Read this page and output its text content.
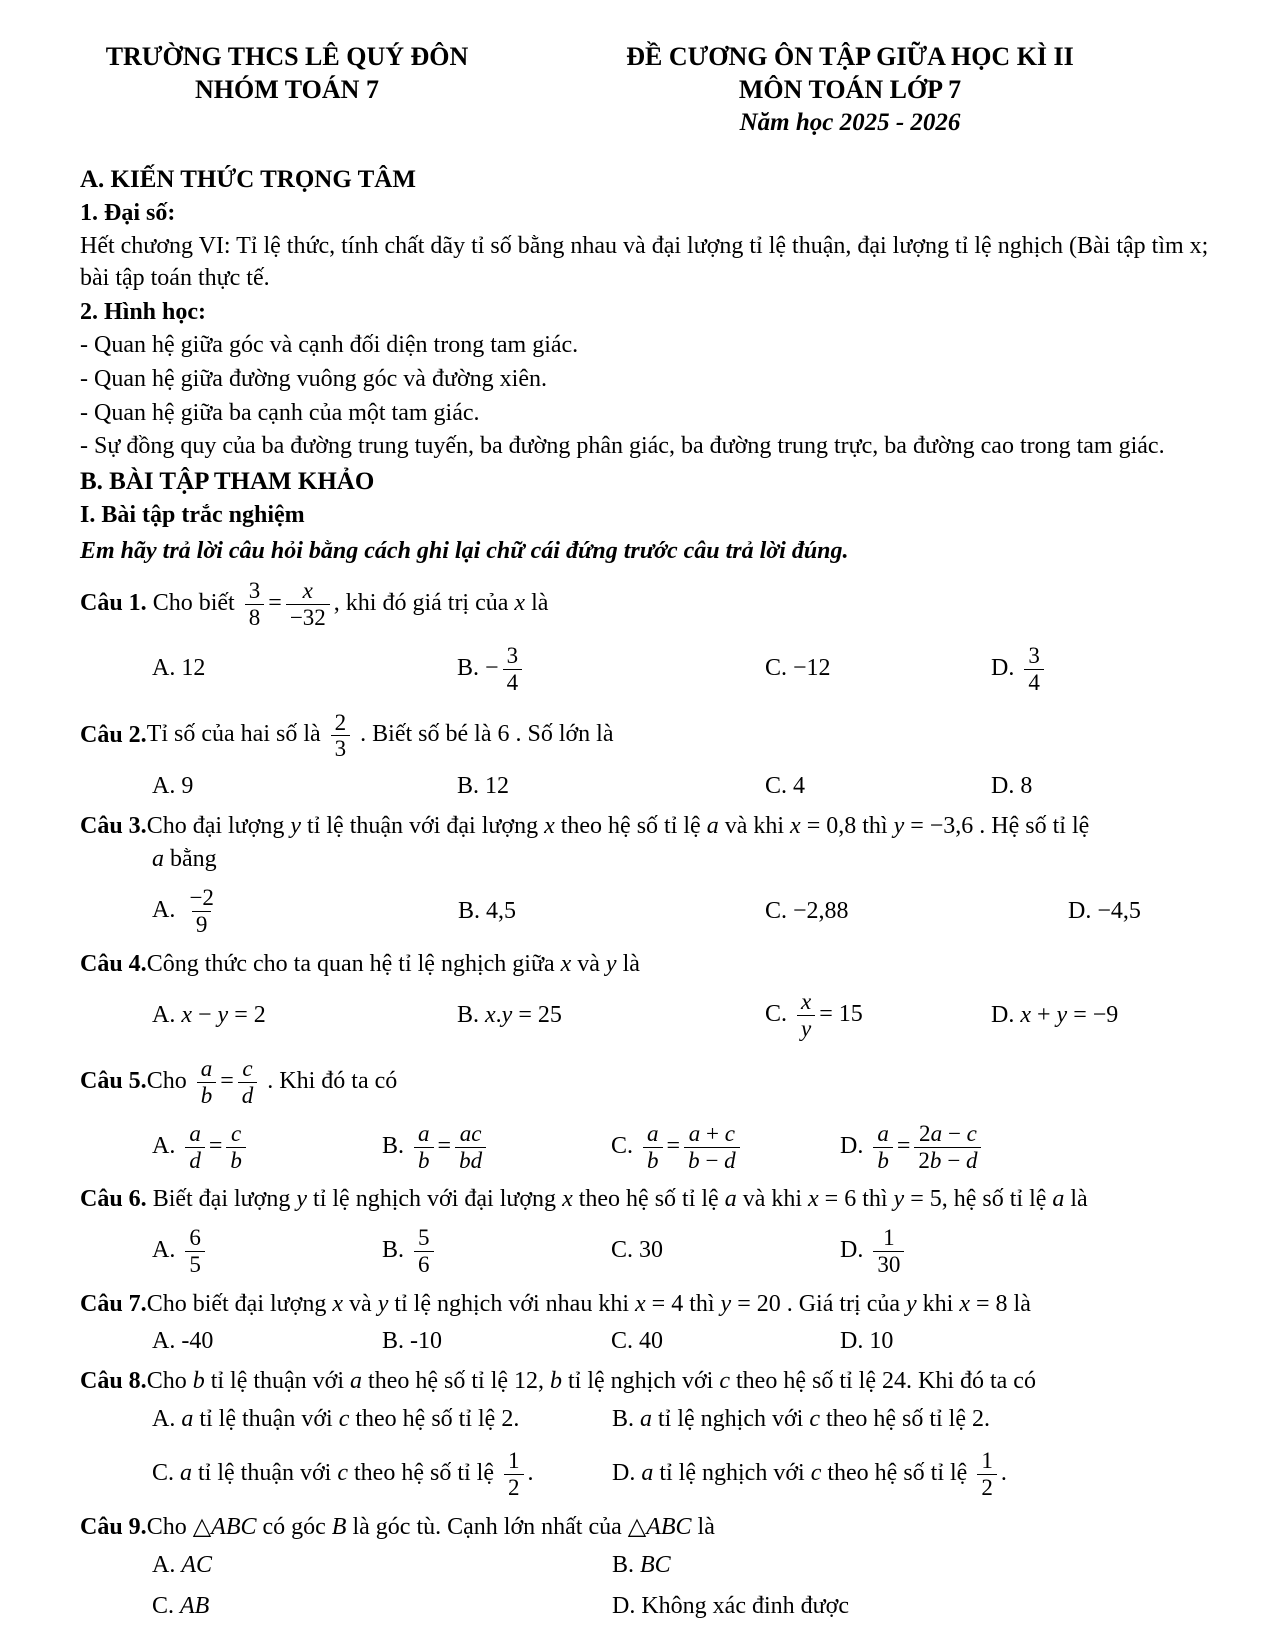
TRƯỜNG THCS LÊ QUÝ ĐÔN
NHÓM TOÁN 7
ĐỀ CƯƠNG ÔN TẬP GIỮA HỌC KÌ II
MÔN TOÁN LỚP 7
Năm học 2025 - 2026
A. KIẾN THỨC TRỌNG TÂM
1. Đại số:
Hết chương VI: Tỉ lệ thức, tính chất dãy tỉ số bằng nhau và đại lượng tỉ lệ thuận, đại lượng tỉ lệ nghịch (Bài tập tìm x; bài tập toán thực tế.
2. Hình học:
- Quan hệ giữa góc và cạnh đối diện trong tam giác.
- Quan hệ giữa đường vuông góc và đường xiên.
- Quan hệ giữa ba cạnh của một tam giác.
- Sự đồng quy của ba đường trung tuyến, ba đường phân giác, ba đường trung trực, ba đường cao trong tam giác.
B. BÀI TẬP THAM KHẢO
I. Bài tập trắc nghiệm
Em hãy trả lời câu hỏi bằng cách ghi lại chữ cái đứng trước câu trả lời đúng.
Câu 1. Cho biết $\frac{3}{8} = \frac{x}{-32}$ , khi đó giá trị của x là
A. 12	B. − $\frac{3}{4}$	C. −12	D. $\frac{3}{4}$
Câu 2.Tỉ số của hai số là $\frac{2}{3}$ . Biết số bé là 6 . Số lớn là
A. 9	B. 12	C. 4	D. 8
Câu 3.Cho đại lượng y tỉ lệ thuận với đại lượng x theo hệ số tỉ lệ a và khi x = 0,8 thì y = −3,6 . Hệ số tỉ lệ
a bằng
A. $\frac{-2}{9}$	B. 4,5	C. −2,88	D. −4,5
Câu 4.Công thức cho ta quan hệ tỉ lệ nghịch giữa x và y là
A. x − y = 2	B. x.y = 25	C. $\frac{x}{y} = 15$	D. x + y = −9
Câu $5.Cho \frac{a}{b} = \frac{c}{d}$ . Khi đó ta có
A. $\frac{a}{d} = \frac{c}{b}$	B. $\frac{a}{b} = \frac{ac}{bd}$	C. $\frac{a}{b} = \frac{a + c}{b - d}$	D. $\frac{a}{b} = \frac{2a - c}{2b - d}$
Câu 6. Biết đại lượng y tỉ lệ nghịch với đại lượng x theo hệ số tỉ lệ a và khi x = 6 thì y = 5, hệ số tỉ lệ a là
A. $\frac{6}{5}$	B. $\frac{5}{6}$	C. 30	D. $\frac{1}{30}$
Câu 7.Cho biết đại lượng x và y tỉ lệ nghịch với nhau khi x = 4 thì y = 20 . Giá trị của y khi x = 8 là
A. -40	B. -10	C. 40	D. 10
Câu 8.Cho b tỉ lệ thuận với a theo hệ số tỉ lệ 12, b tỉ lệ nghịch với c theo hệ số tỉ lệ 24. Khi đó ta có
A. a tỉ lệ thuận với c theo hệ số tỉ lệ 2.	B. a tỉ lệ nghịch với c theo hệ số tỉ lệ 2.
C. a tỉ lệ thuận với c theo hệ số tỉ lệ $\frac{1}{2}$ .	D. a tỉ lệ nghịch với c theo hệ số tỉ lệ $\frac{1}{2}$ .
Câu 9.Cho △ABC có góc B là góc tù. Cạnh lớn nhất của △ABC là
A. AC	B. BC
C. AB	D. Không xác đinh được
